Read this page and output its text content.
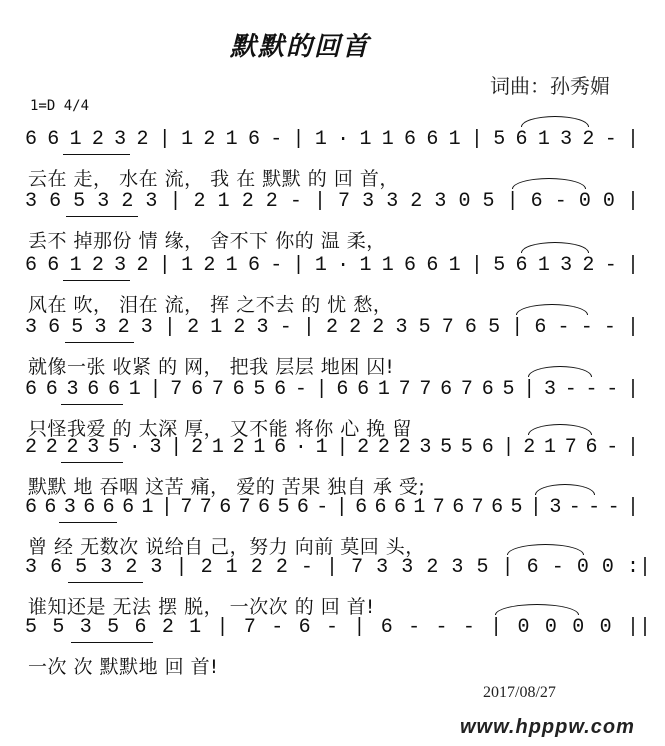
默默的回首
词曲：孙秀媚
1=D 4/4
6 6 1 2 3 2 | 1 2 1 6 - | 1 · 1 1 6 6 1 | 5 6 1 3 2 - |
云在 走， 水在 流， 我 在 默默 的 回 首，
3 6 5 3 2 3 | 2 1 2 2 - | 7 3 3 2 3 0 5 | 6 - 0 0 |
丢不 掉那份 情 缘， 舍不下 你的 温 柔，
6 6 1 2 3 2 | 1 2 1 6 - | 1 · 1 1 6 6 1 | 5 6 1 3 2 - |
风在 吹， 泪在 流， 挥 之不去 的 忧 愁，
3 6 5 3 2 3 | 2 1 2 3 - | 2 2 2 3 5 7 6 5 | 6 - - - |
就像一张 收紧 的 网， 把我 层层 地困 囚!
6 6 3 6 6 1 | 7 6 7 6 5 6 - | 6 6 1 7 7 6 7 6 5 | 3 - - - |
只怪我爱 的 太深 厚， 又不能 将你 心 挽 留
2 2 2 3 5 · 3 | 2 1 2 1 6 · 1 | 2 2 2 3 5 5 6 | 2 1 7 6 - |
默默 地 吞咽 这苦 痛， 爱的 苦果 独自 承 受;
6 6 3 6 6 6 1 | 7 7 6 7 6 5 6 - | 6 6 6 1 7 6 7 6 5 | 3 - - - |
曾 经 无数次 说给自 己，努力 向前 莫回 头，
3 6 5 3 2 3 | 2 1 2 2 - | 7 3 3 2 3 5 | 6 - 0 0 :|
谁知还是 无法 摆 脱， 一次次 的 回 首!
5 5 3 5 6 2 1 | 7 - 6 - | 6 - - - | 0 0 0 0 ||
一次 次 默默地 回 首!
2017/08/27
www.hpppw.com
